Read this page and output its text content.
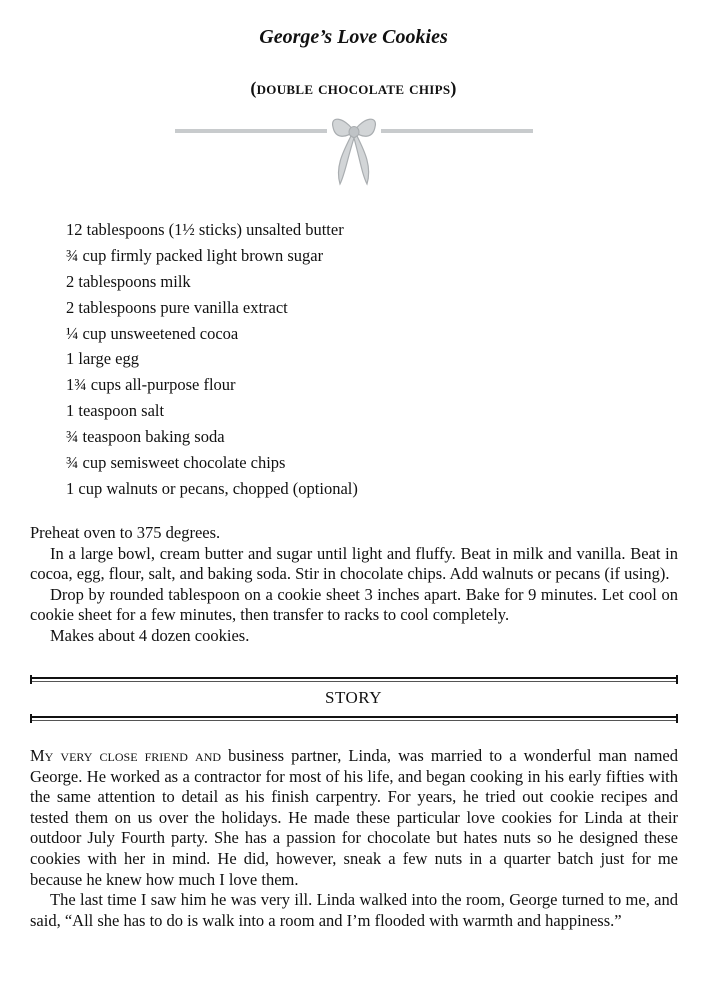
George’s Love Cookies
(double chocolate chips)
12 tablespoons (1½ sticks) unsalted butter
¾ cup firmly packed light brown sugar
2 tablespoons milk
2 tablespoons pure vanilla extract
¼ cup unsweetened cocoa
1 large egg
1¾ cups all-purpose flour
1 teaspoon salt
¾ teaspoon baking soda
¾ cup semisweet chocolate chips
1 cup walnuts or pecans, chopped (optional)

Preheat oven to 375 degrees.

In a large bowl, cream butter and sugar until light and fluffy. Beat in milk and vanilla. Beat in cocoa, egg, flour, salt, and baking soda. Stir in chocolate chips. Add walnuts or pecans (if using).

Drop by rounded tablespoon on a cookie sheet 3 inches apart. Bake for 9 minutes. Let cool on cookie sheet for a few minutes, then transfer to racks to cool completely.

Makes about 4 dozen cookies.

STORY

My very close friend and business partner, Linda, was married to a wonderful man named George. He worked as a contractor for most of his life, and began cooking in his early fifties with the same attention to detail as his finish carpentry. For years, he tried out cookie recipes and tested them on us over the holidays. He made these particular love cookies for Linda at their outdoor July Fourth party. She has a passion for chocolate but hates nuts so he designed these cookies with her in mind. He did, however, sneak a few nuts in a quarter batch just for me because he knew how much I love them.

The last time I saw him he was very ill. Linda walked into the room, George turned to me, and said, “All she has to do is walk into a room and I’m flooded with warmth and happiness.”
